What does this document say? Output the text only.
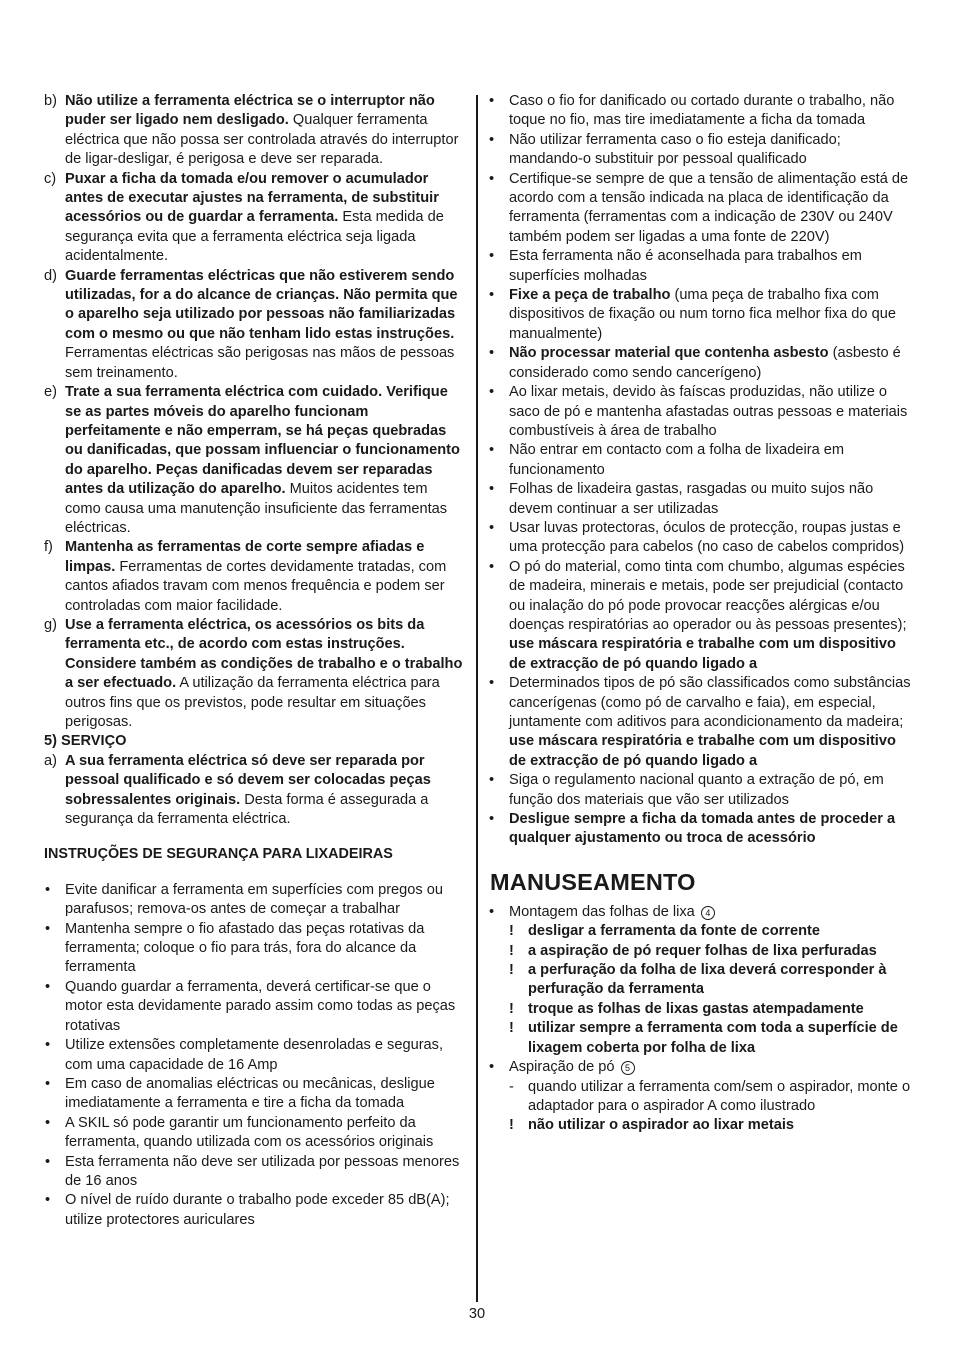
b) Não utilize a ferramenta eléctrica se o interruptor não puder ser ligado nem desligado. Qualquer ferramenta eléctrica que não possa ser controlada através do interruptor de ligar-desligar, é perigosa e deve ser reparada.
c) Puxar a ficha da tomada e/ou remover o acumulador antes de executar ajustes na ferramenta, de substituir acessórios ou de guardar a ferramenta. Esta medida de segurança evita que a ferramenta eléctrica seja ligada acidentalmente.
d) Guarde ferramentas eléctricas que não estiverem sendo utilizadas, for a do alcance de crianças. Não permita que o aparelho seja utilizado por pessoas não familiarizadas com o mesmo ou que não tenham lido estas instruções. Ferramentas eléctricas são perigosas nas mãos de pessoas sem treinamento.
e) Trate a sua ferramenta eléctrica com cuidado. Verifique se as partes móveis do aparelho funcionam perfeitamente e não emperram, se há peças quebradas ou danificadas, que possam influenciar o funcionamento do aparelho. Peças danificadas devem ser reparadas antes da utilização do aparelho. Muitos acidentes tem como causa uma manutenção insuficiente das ferramentas eléctricas.
f) Mantenha as ferramentas de corte sempre afiadas e limpas. Ferramentas de cortes devidamente tratadas, com cantos afiados travam com menos frequência e podem ser controladas com maior facilidade.
g) Use a ferramenta eléctrica, os acessórios os bits da ferramenta etc., de acordo com estas instruções. Considere também as condições de trabalho e o trabalho a ser efectuado. A utilização da ferramenta eléctrica para outros fins que os previstos, pode resultar em situações perigosas.
5) SERVIÇO
a) A sua ferramenta eléctrica só deve ser reparada por pessoal qualificado e só devem ser colocadas peças sobressalentes originais. Desta forma é assegurada a segurança da ferramenta eléctrica.
INSTRUÇÕES DE SEGURANÇA PARA LIXADEIRAS
• Evite danificar a ferramenta em superfícies com pregos ou parafusos; remova-os antes de começar a trabalhar
• Mantenha sempre o fio afastado das peças rotativas da ferramenta; coloque o fio para trás, fora do alcance da ferramenta
• Quando guardar a ferramenta, deverá certificar-se que o motor esta devidamente parado assim como todas as peças rotativas
• Utilize extensões completamente desenroladas e seguras, com uma capacidade de 16 Amp
• Em caso de anomalias eléctricas ou mecânicas, desligue imediatamente a ferramenta e tire a ficha da tomada
• A SKIL só pode garantir um funcionamento perfeito da ferramenta, quando utilizada com os acessórios originais
• Esta ferramenta não deve ser utilizada por pessoas menores de 16 anos
• O nível de ruído durante o trabalho pode exceder 85 dB(A); utilize protectores auriculares
• Caso o fio for danificado ou cortado durante o trabalho, não toque no fio, mas tire imediatamente a ficha da tomada
• Não utilizar ferramenta caso o fio esteja danificado; mandando-o substituir por pessoal qualificado
• Certifique-se sempre de que a tensão de alimentação está de acordo com a tensão indicada na placa de identificação da ferramenta (ferramentas com a indicação de 230V ou 240V também podem ser ligadas a uma fonte de 220V)
• Esta ferramenta não é aconselhada para trabalhos em superfícies molhadas
• Fixe a peça de trabalho (uma peça de trabalho fixa com dispositivos de fixação ou num torno fica melhor fixa do que manualmente)
• Não processar material que contenha asbesto (asbesto é considerado como sendo cancerígeno)
• Ao lixar metais, devido às faíscas produzidas, não utilize o saco de pó e mantenha afastadas outras pessoas e materiais combustíveis à área de trabalho
• Não entrar em contacto com a folha de lixadeira em funcionamento
• Folhas de lixadeira gastas, rasgadas ou muito sujos não devem continuar a ser utilizadas
• Usar luvas protectoras, óculos de protecção, roupas justas e uma protecção para cabelos (no caso de cabelos compridos)
• O pó do material, como tinta com chumbo, algumas espécies de madeira, minerais e metais, pode ser prejudicial (contacto ou inalação do pó pode provocar reacções alérgicas e/ou doenças respiratórias ao operador ou às pessoas presentes); use máscara respiratória e trabalhe com um dispositivo de extracção de pó quando ligado a
• Determinados tipos de pó são classificados como substâncias cancerígenas (como pó de carvalho e faia), em especial, juntamente com aditivos para acondicionamento da madeira; use máscara respiratória e trabalhe com um dispositivo de extracção de pó quando ligado a
• Siga o regulamento nacional quanto a extração de pó, em função dos materiais que vão ser utilizados
• Desligue sempre a ficha da tomada antes de proceder a qualquer ajustamento ou troca de acessório
MANUSEAMENTO
• Montagem das folhas de lixa 4
! desligar a ferramenta da fonte de corrente
! a aspiração de pó requer folhas de lixa perfuradas
! a perfuração da folha de lixa deverá corresponder à perfuração da ferramenta
! troque as folhas de lixas gastas atempadamente
! utilizar sempre a ferramenta com toda a superfície de lixagem coberta por folha de lixa
• Aspiração de pó 5
- quando utilizar a ferramenta com/sem o aspirador, monte o adaptador para o aspirador A como ilustrado
! não utilizar o aspirador ao lixar metais
30
